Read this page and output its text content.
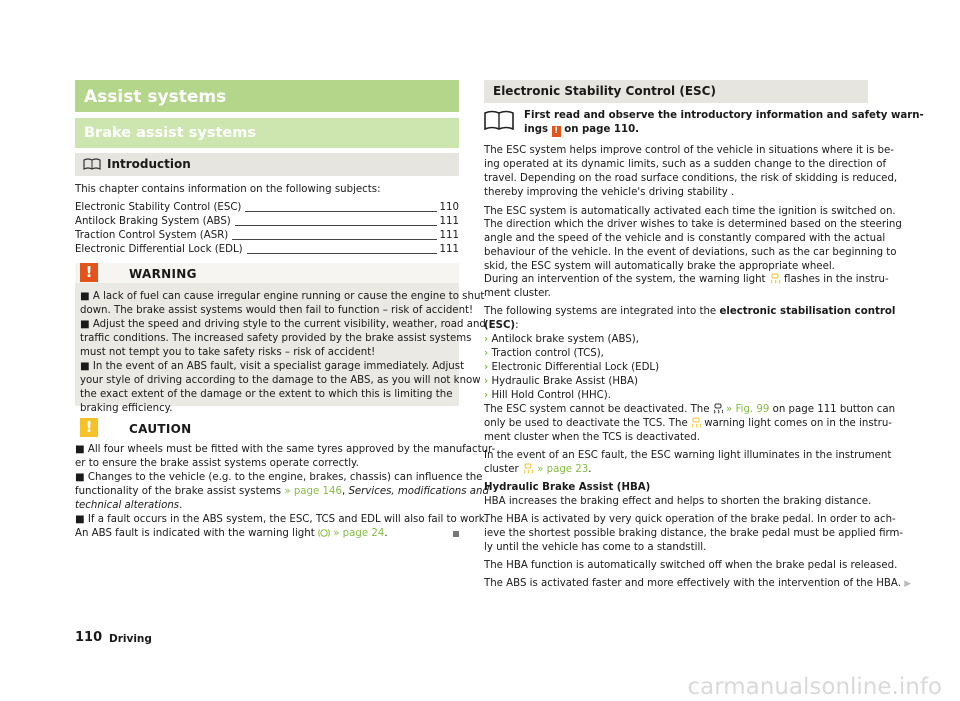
Assist systems
Brake assist systems
Introduction
This chapter contains information on the following subjects:
Electronic Stability Control (ESC)	110
Antilock Braking System (ABS)	111
Traction Control System (ASR)	111
Electronic Differential Lock (EDL)	111
!	WARNING
■ A lack of fuel can cause irregular engine running or cause the engine to shut
down. The brake assist systems would then fail to function – risk of accident!
■ Adjust the speed and driving style to the current visibility, weather, road and
traffic conditions. The increased safety provided by the brake assist systems
must not tempt you to take safety risks – risk of accident!
■ In the event of an ABS fault, visit a specialist garage immediately. Adjust
your style of driving according to the damage to the ABS, as you will not know
the exact extent of the damage or the extent to which this is limiting the
braking efficiency.
!	CAUTION
■ All four wheels must be fitted with the same tyres approved by the manufactur-
er to ensure the brake assist systems operate correctly.
■ Changes to the vehicle (e.g. to the engine, brakes, chassis) can influence the
functionality of the brake assist systems » page 146, Services, modifications and
technical alterations.
■ If a fault occurs in the ABS system, the ESC, TCS and EDL will also fail to work.
An ABS fault is indicated with the warning light  » page 24.
Electronic Stability Control (ESC)
First read and observe the introductory information and safety warn-
ings ! on page 110.
The ESC system helps improve control of the vehicle in situations where it is be-
ing operated at its dynamic limits, such as a sudden change to the direction of
travel. Depending on the road surface conditions, the risk of skidding is reduced,
thereby improving the vehicle's driving stability .
The ESC system is automatically activated each time the ignition is switched on.
The direction which the driver wishes to take is determined based on the steering
angle and the speed of the vehicle and is constantly compared with the actual
behaviour of the vehicle. In the event of deviations, such as the car beginning to
skid, the ESC system will automatically brake the appropriate wheel.
During an intervention of the system, the warning light  flashes in the instru-
ment cluster.
The following systems are integrated into the electronic stabilisation control
(ESC):
› Antilock brake system (ABS),
› Traction control (TCS),
› Electronic Differential Lock (EDL)
› Hydraulic Brake Assist (HBA)
› Hill Hold Control (HHC).
The ESC system cannot be deactivated. The  » Fig. 99 on page 111 button can
only be used to deactivate the TCS. The  warning light comes on in the instru-
ment cluster when the TCS is deactivated.
In the event of an ESC fault, the ESC warning light illuminates in the instrument
cluster  » page 23.
Hydraulic Brake Assist (HBA)
HBA increases the braking effect and helps to shorten the braking distance.
The HBA is activated by very quick operation of the brake pedal. In order to ach-
ieve the shortest possible braking distance, the brake pedal must be applied firm-
ly until the vehicle has come to a standstill.
The HBA function is automatically switched off when the brake pedal is released.
The ABS is activated faster and more effectively with the intervention of the HBA. ▶
110 Driving
carmanualsonline.info
